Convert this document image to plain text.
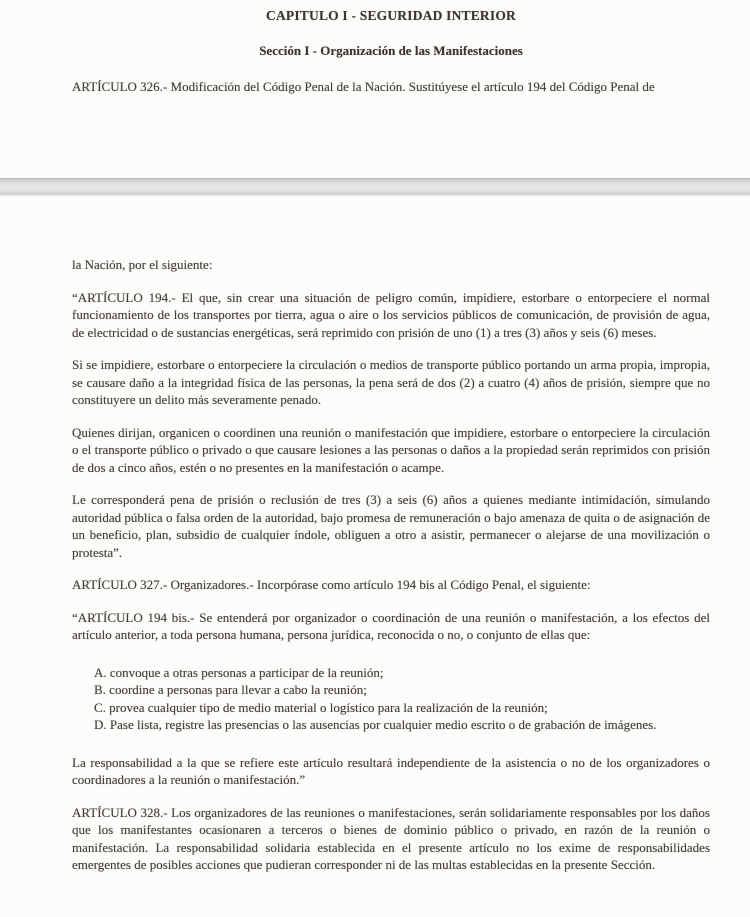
CAPITULO I - SEGURIDAD INTERIOR
Sección I - Organización de las Manifestaciones

ARTÍCULO 326.- Modificación del Código Penal de la Nación. Sustitúyese el artículo 194 del Código Penal de

la Nación, por el siguiente:

“ARTÍCULO 194.- El que, sin crear una situación de peligro común, impidiere, estorbare o entorpeciere el normal funcionamiento de los transportes por tierra, agua o aire o los servicios públicos de comunicación, de provisión de agua, de electricidad o de sustancias energéticas, será reprimido con prisión de uno (1) a tres (3) años y seis (6) meses.

Si se impidiere, estorbare o entorpeciere la circulación o medios de transporte público portando un arma propia, impropia, se causare daño a la integridad física de las personas, la pena será de dos (2) a cuatro (4) años de prisión, siempre que no constituyere un delito más severamente penado.

Quienes dirijan, organicen o coordinen una reunión o manifestación que impidiere, estorbare o entorpeciere la circulación o el transporte público o privado o que causare lesiones a las personas o daños a la propiedad serán reprimidos con prisión de dos a cinco años, estén o no presentes en la manifestación o acampe.

Le corresponderá pena de prisión o reclusión de tres (3) a seis (6) años a quienes mediante intimidación, simulando autoridad pública o falsa orden de la autoridad, bajo promesa de remuneración o bajo amenaza de quita o de asignación de un beneficio, plan, subsidio de cualquier índole, obliguen a otro a asistir, permanecer o alejarse de una movilización o protesta”.

ARTÍCULO 327.- Organizadores.- Incorpórase como artículo 194 bis al Código Penal, el siguiente:

“ARTÍCULO 194 bis.- Se entenderá por organizador o coordinación de una reunión o manifestación, a los efectos del artículo anterior, a toda persona humana, persona jurídica, reconocida o no, o conjunto de ellas que:

A. convoque a otras personas a participar de la reunión;
B. coordine a personas para llevar a cabo la reunión;
C. provea cualquier tipo de medio material o logístico para la realización de la reunión;
D. Pase lista, registre las presencias o las ausencias por cualquier medio escrito o de grabación de imágenes.

La responsabilidad a la que se refiere este artículo resultará independiente de la asistencia o no de los organizadores o coordinadores a la reunión o manifestación.”

ARTÍCULO 328.- Los organizadores de las reuniones o manifestaciones, serán solidariamente responsables por los daños que los manifestantes ocasionaren a terceros o bienes de dominio público o privado, en razón de la reunión o manifestación. La responsabilidad solidaria establecida en el presente artículo no los exime de responsabilidades emergentes de posibles acciones que pudieran corresponder ni de las multas establecidas en la presente Sección.
